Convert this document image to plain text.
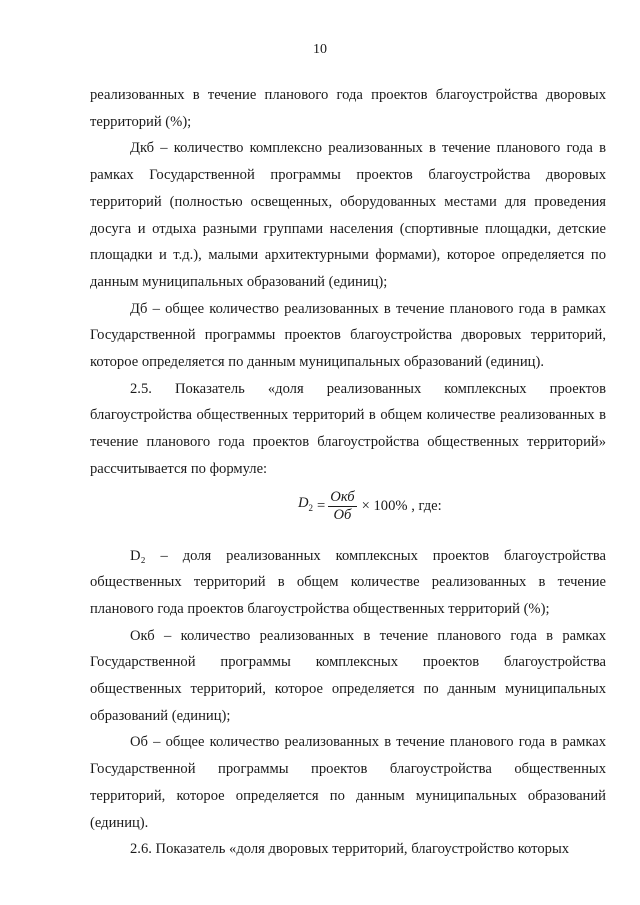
10

реализованных в течение планового года проектов благоустройства дворовых территорий (%);

Дкб – количество комплексно реализованных в течение планового года в рамках Государственной программы проектов благоустройства дворовых территорий (полностью освещенных, оборудованных местами для проведения досуга и отдыха разными группами населения (спортивные площадки, детские площадки и т.д.), малыми архитектурными формами), которое определяется по данным муниципальных образований (единиц);

Дб – общее количество реализованных в течение планового года в рамках Государственной программы проектов благоустройства дворовых территорий, которое определяется по данным муниципальных образований (единиц).

2.5. Показатель «доля реализованных комплексных проектов благоустройства общественных территорий в общем количестве реализованных в течение планового года проектов благоустройства общественных территорий» рассчитывается по формуле:

$D_2 = \frac{\text{Окб}}{Об} \times 100\%$ , где:

D₂ – доля реализованных комплексных проектов благоустройства общественных территорий в общем количестве реализованных в течение планового года проектов благоустройства общественных территорий (%);

Окб – количество реализованных в течение планового года в рамках Государственной программы комплексных проектов благоустройства общественных территорий, которое определяется по данным муниципальных образований (единиц);

Об – общее количество реализованных в течение планового года в рамках Государственной программы проектов благоустройства общественных территорий, которое определяется по данным муниципальных образований (единиц).

2.6. Показатель «доля дворовых территорий, благоустройство которых
